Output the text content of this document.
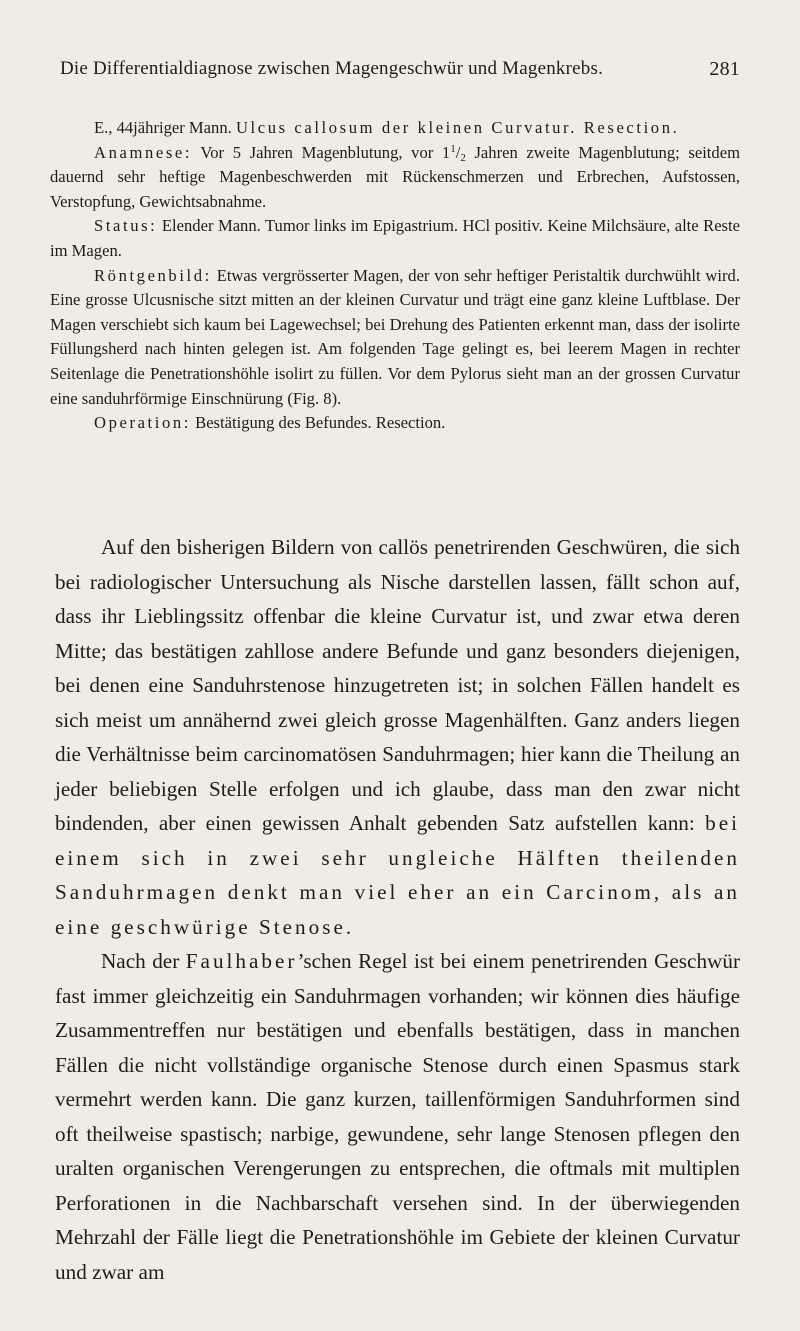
Die Differentialdiagnose zwischen Magengeschwür und Magenkrebs.	281

E., 44jähriger Mann. Ulcus callosum der kleinen Curvatur. Resection.

Anamnese: Vor 5 Jahren Magenblutung, vor $1^1/_2$ Jahren zweite Magenblutung; seitdem dauernd sehr heftige Magenbeschwerden mit Rückenschmerzen und Erbrechen, Aufstossen, Verstopfung, Gewichtsabnahme.

Status: Elender Mann. Tumor links im Epigastrium. HCl positiv. Keine Milchsäure, alte Reste im Magen.

Röntgenbild: Etwas vergrösserter Magen, der von sehr heftiger Peristaltik durchwühlt wird. Eine grosse Ulcusnische sitzt mitten an der kleinen Curvatur und trägt eine ganz kleine Luftblase. Der Magen verschiebt sich kaum bei Lagewechsel; bei Drehung des Patienten erkennt man, dass der isolirte Füllungsherd nach hinten gelegen ist. Am folgenden Tage gelingt es, bei leerem Magen in rechter Seitenlage die Penetrationshöhle isolirt zu füllen. Vor dem Pylorus sieht man an der grossen Curvatur eine sanduhrförmige Einschnürung (Fig. 8).

Operation: Bestätigung des Befundes. Resection.

Auf den bisherigen Bildern von callös penetrirenden Geschwüren, die sich bei radiologischer Untersuchung als Nische darstellen lassen, fällt schon auf, dass ihr Lieblingssitz offenbar die kleine Curvatur ist, und zwar etwa deren Mitte; das bestätigen zahllose andere Befunde und ganz besonders diejenigen, bei denen eine Sanduhrstenose hinzugetreten ist; in solchen Fällen handelt es sich meist um annähernd zwei gleich grosse Magenhälften. Ganz anders liegen die Verhältnisse beim carcinomatösen Sanduhrmagen; hier kann die Theilung an jeder beliebigen Stelle erfolgen und ich glaube, dass man den zwar nicht bindenden, aber einen gewissen Anhalt gebenden Satz aufstellen kann: bei einem sich in zwei sehr ungleiche Hälften theilenden Sanduhrmagen denkt man viel eher an ein Carcinom, als an eine geschwürige Stenose.

Nach der Faulhaber’schen Regel ist bei einem penetrirenden Geschwür fast immer gleichzeitig ein Sanduhrmagen vorhanden; wir können dies häufige Zusammentreffen nur bestätigen und ebenfalls bestätigen, dass in manchen Fällen die nicht vollständige organische Stenose durch einen Spasmus stark vermehrt werden kann. Die ganz kurzen, taillenförmigen Sanduhrformen sind oft theilweise spastisch; narbige, gewundene, sehr lange Stenosen pflegen den uralten organischen Verengerungen zu entsprechen, die oftmals mit multiplen Perforationen in die Nachbarschaft versehen sind. In der überwiegenden Mehrzahl der Fälle liegt die Penetrationshöhle im Gebiete der kleinen Curvatur und zwar am
